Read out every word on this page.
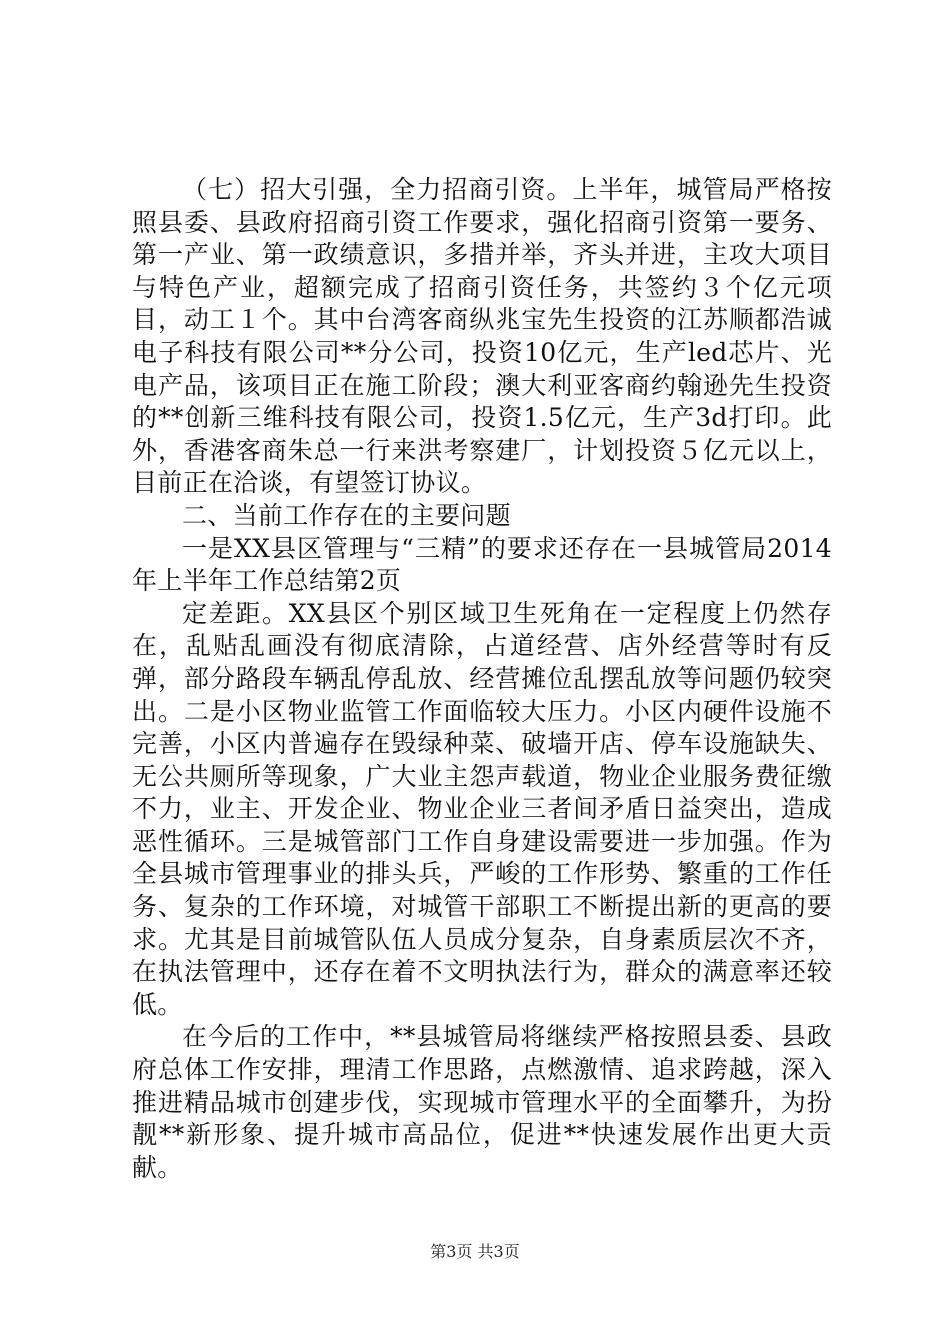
（七）招大引强，全力招商引资。上半年，城管局严格按照县委、县政府招商引资工作要求，强化招商引资第一要务、第一产业、第一政绩意识，多措并举，齐头并进，主攻大项目与特色产业，超额完成了招商引资任务，共签约３个亿元项目，动工１个。其中台湾客商纵兆宝先生投资的江苏顺都浩诚电子科技有限公司**分公司，投资10亿元，生产led芯片、光电产品，该项目正在施工阶段；澳大利亚客商约翰逊先生投资的**创新三维科技有限公司，投资1.5亿元，生产3d打印。此外，香港客商朱总一行来洪考察建厂，计划投资５亿元以上，目前正在洽谈，有望签订协议。

二、当前工作存在的主要问题

一是XX县区管理与“三精”的要求还存在一县城管局2014年上半年工作总结第2页

定差距。XX县区个别区域卫生死角在一定程度上仍然存在，乱贴乱画没有彻底清除，占道经营、店外经营等时有反弹，部分路段车辆乱停乱放、经营摊位乱摆乱放等问题仍较突出。二是小区物业监管工作面临较大压力。小区内硬件设施不完善，小区内普遍存在毁绿种菜、破墙开店、停车设施缺失、无公共厕所等现象，广大业主怨声载道，物业企业服务费征缴不力，业主、开发企业、物业企业三者间矛盾日益突出，造成恶性循环。三是城管部门工作自身建设需要进一步加强。作为全县城市管理事业的排头兵，严峻的工作形势、繁重的工作任务、复杂的工作环境，对城管干部职工不断提出新的更高的要求。尤其是目前城管队伍人员成分复杂，自身素质层次不齐，在执法管理中，还存在着不文明执法行为，群众的满意率还较低。

在今后的工作中，**县城管局将继续严格按照县委、县政府总体工作安排，理清工作思路，点燃激情、追求跨越，深入推进精品城市创建步伐，实现城市管理水平的全面攀升，为扮靓**新形象、提升城市高品位，促进**快速发展作出更大贡献。

第3页 共3页
